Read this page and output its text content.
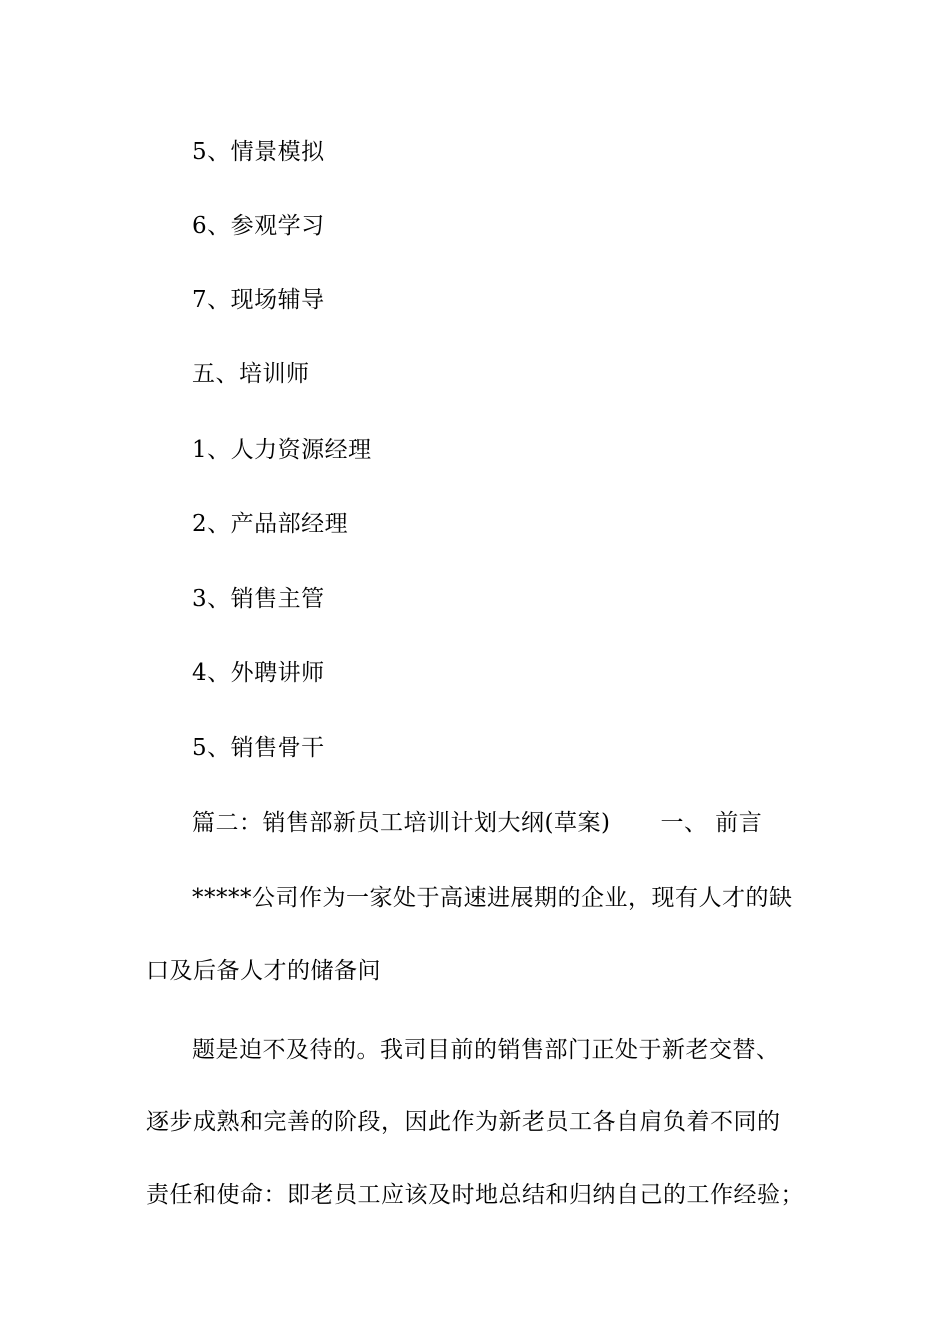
5、情景模拟
6、参观学习
7、现场辅导
五、培训师
1、人力资源经理
2、产品部经理
3、销售主管
4、外聘讲师
5、销售骨干
篇二：销售部新员工培训计划大纲(草案) 一、 前言
*****公司作为一家处于高速进展期的企业，现有人才的缺
口及后备人才的储备问
题是迫不及待的。我司目前的销售部门正处于新老交替、
逐步成熟和完善的阶段，因此作为新老员工各自肩负着不同的
责任和使命：即老员工应该及时地总结和归纳自己的工作经验；
